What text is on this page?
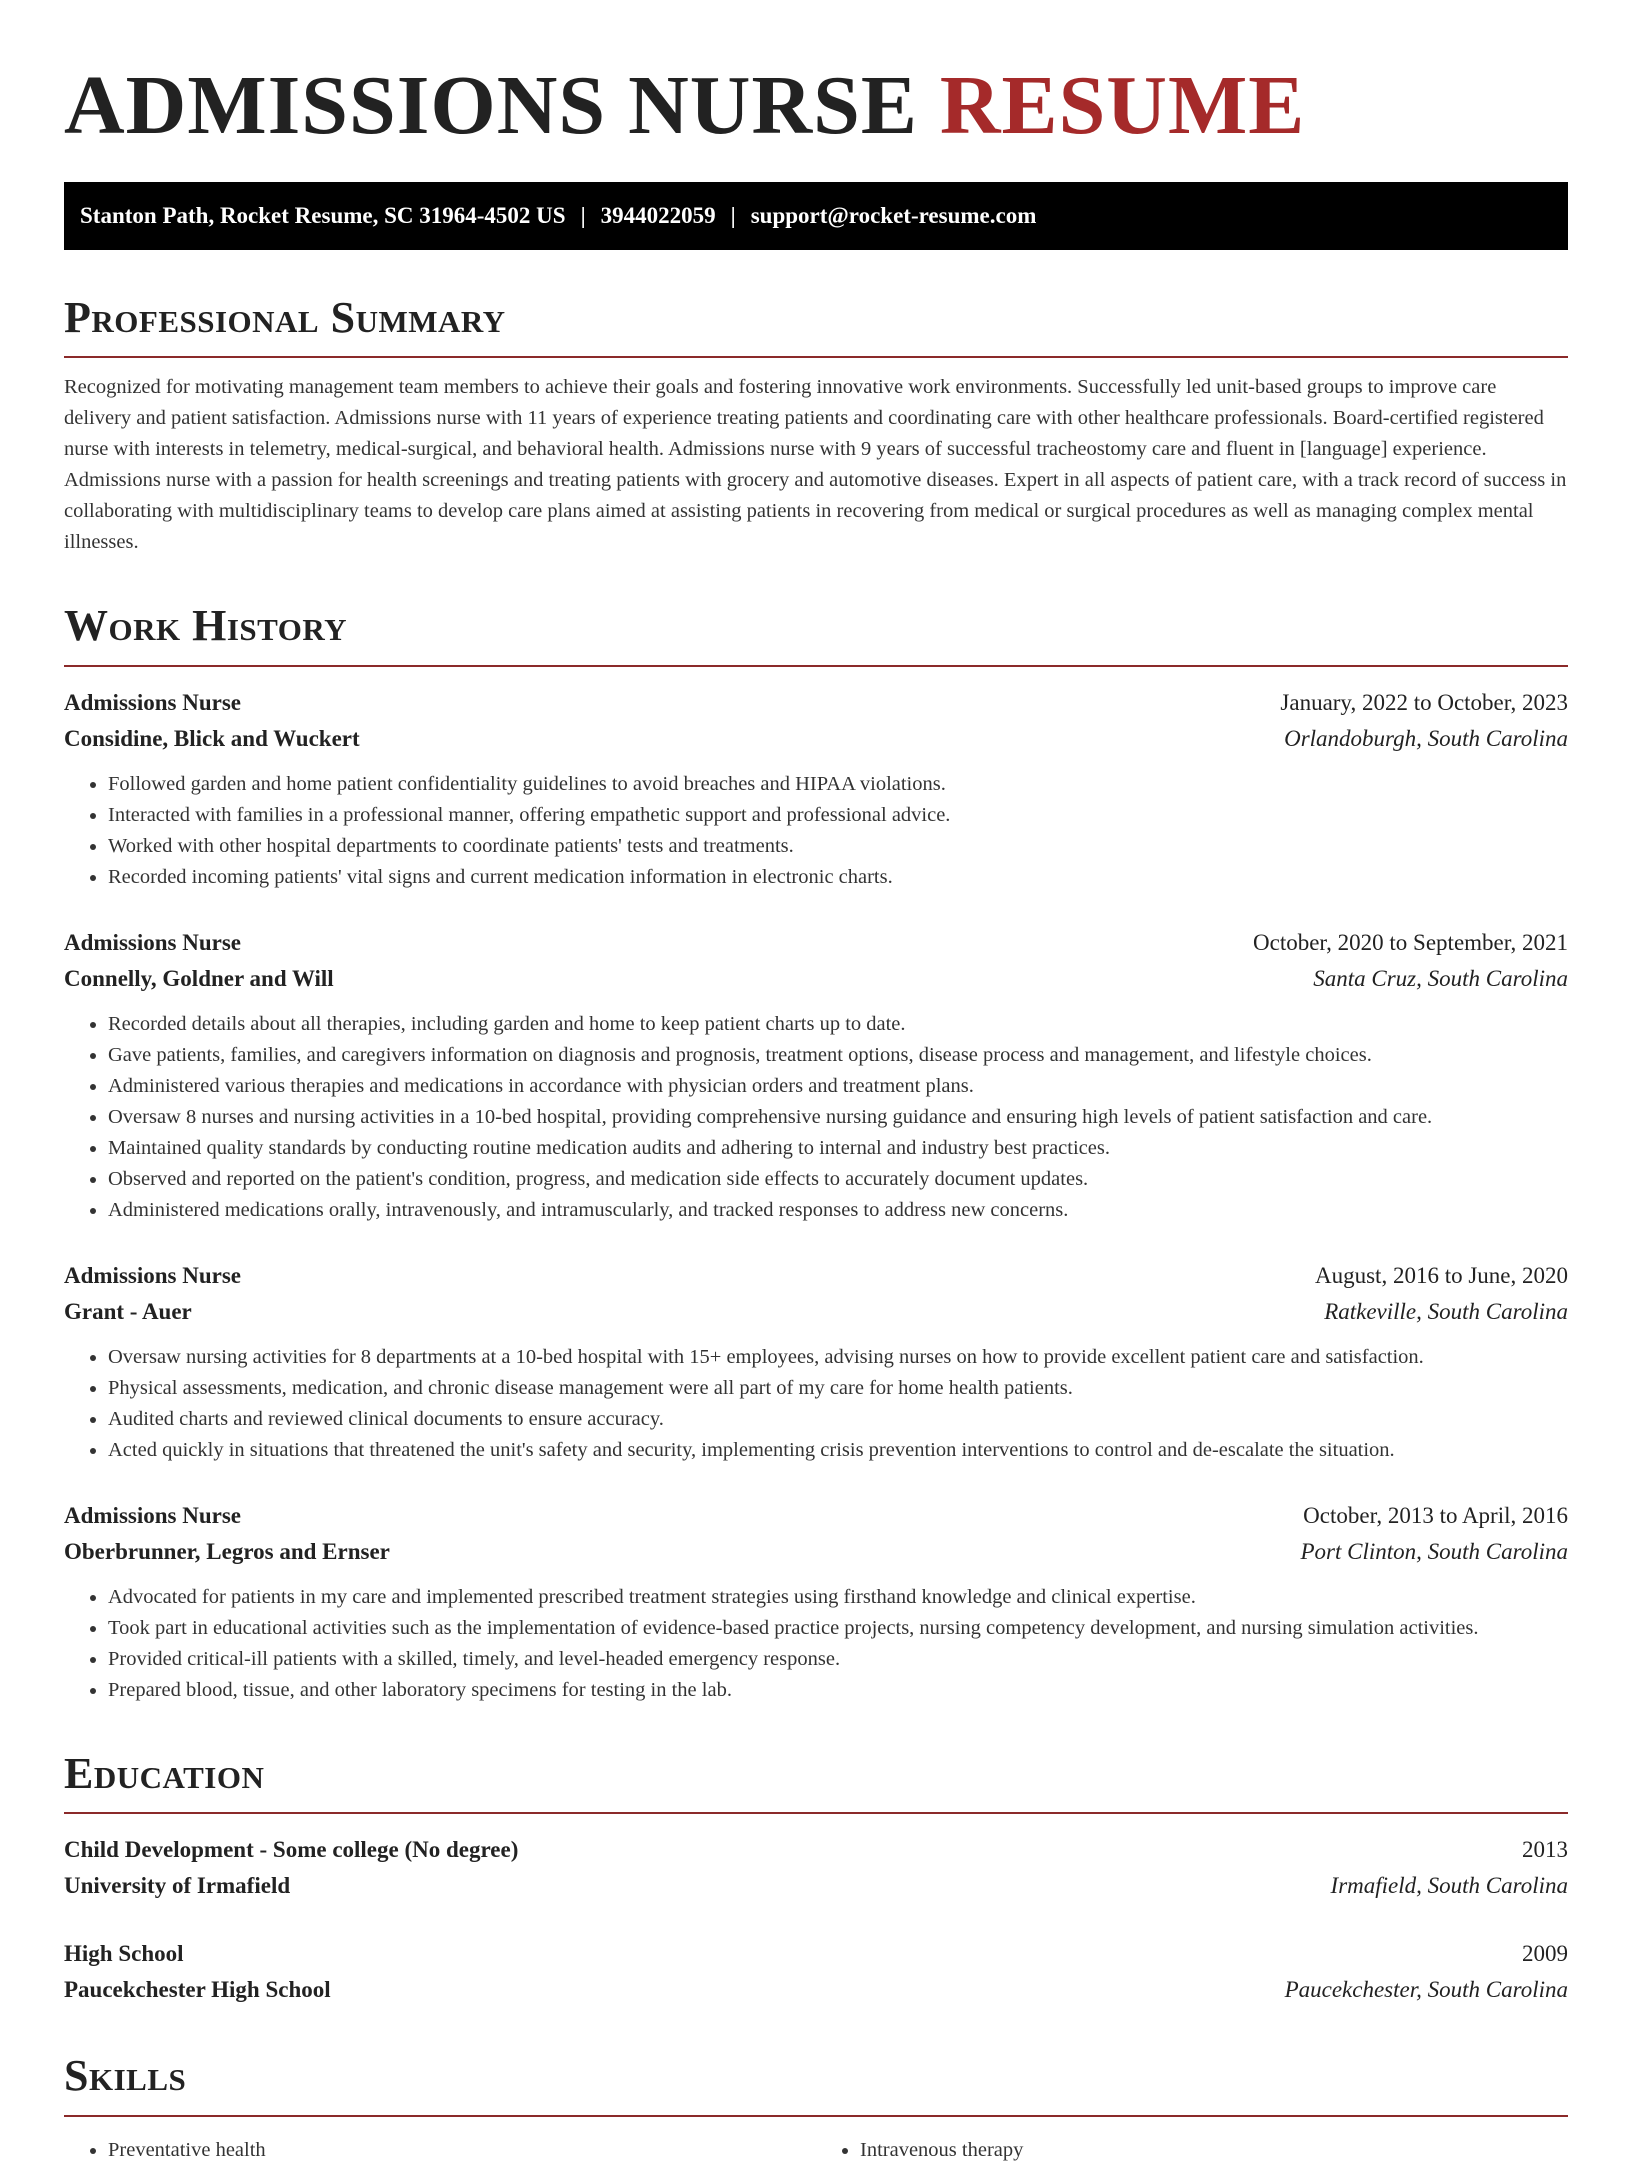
ADMISSIONS NURSE RESUME
Stanton Path, Rocket Resume, SC 31964-4502 US | 3944022059 | support@rocket-resume.com
Professional Summary

Recognized for motivating management team members to achieve their goals and fostering innovative work environments. Successfully led unit-based groups to improve care delivery and patient satisfaction. Admissions nurse with 11 years of experience treating patients and coordinating care with other healthcare professionals. Board-certified registered nurse with interests in telemetry, medical-surgical, and behavioral health. Admissions nurse with 9 years of successful tracheostomy care and fluent in [language] experience. Admissions nurse with a passion for health screenings and treating patients with grocery and automotive diseases. Expert in all aspects of patient care, with a track record of success in collaborating with multidisciplinary teams to develop care plans aimed at assisting patients in recovering from medical or surgical procedures as well as managing complex mental illnesses.

Work History
Admissions Nurse	January, 2022 to October, 2023
Considine, Blick and Wuckert	Orlandoburgh, South Carolina
• Followed garden and home patient confidentiality guidelines to avoid breaches and HIPAA violations.
• Interacted with families in a professional manner, offering empathetic support and professional advice.
• Worked with other hospital departments to coordinate patients' tests and treatments.
• Recorded incoming patients' vital signs and current medication information in electronic charts.
Admissions Nurse	October, 2020 to September, 2021
Connelly, Goldner and Will	Santa Cruz, South Carolina
• Recorded details about all therapies, including garden and home to keep patient charts up to date.
• Gave patients, families, and caregivers information on diagnosis and prognosis, treatment options, disease process and management, and lifestyle choices.
• Administered various therapies and medications in accordance with physician orders and treatment plans.
• Oversaw 8 nurses and nursing activities in a 10-bed hospital, providing comprehensive nursing guidance and ensuring high levels of patient satisfaction and care.
• Maintained quality standards by conducting routine medication audits and adhering to internal and industry best practices.
• Observed and reported on the patient's condition, progress, and medication side effects to accurately document updates.
• Administered medications orally, intravenously, and intramuscularly, and tracked responses to address new concerns.
Admissions Nurse	August, 2016 to June, 2020
Grant - Auer	Ratkeville, South Carolina
• Oversaw nursing activities for 8 departments at a 10-bed hospital with 15+ employees, advising nurses on how to provide excellent patient care and satisfaction.
• Physical assessments, medication, and chronic disease management were all part of my care for home health patients.
• Audited charts and reviewed clinical documents to ensure accuracy.
• Acted quickly in situations that threatened the unit's safety and security, implementing crisis prevention interventions to control and de-escalate the situation.
Admissions Nurse	October, 2013 to April, 2016
Oberbrunner, Legros and Ernser	Port Clinton, South Carolina
• Advocated for patients in my care and implemented prescribed treatment strategies using firsthand knowledge and clinical expertise.
• Took part in educational activities such as the implementation of evidence-based practice projects, nursing competency development, and nursing simulation activities.
• Provided critical-ill patients with a skilled, timely, and level-headed emergency response.
• Prepared blood, tissue, and other laboratory specimens for testing in the lab.
Education
Child Development - Some college (No degree)	2013
University of Irmafield	Irmafield, South Carolina
High School	2009
Paucekchester High School	Paucekchester, South Carolina
Skills
• Preventative health
•	Intravenous therapy
